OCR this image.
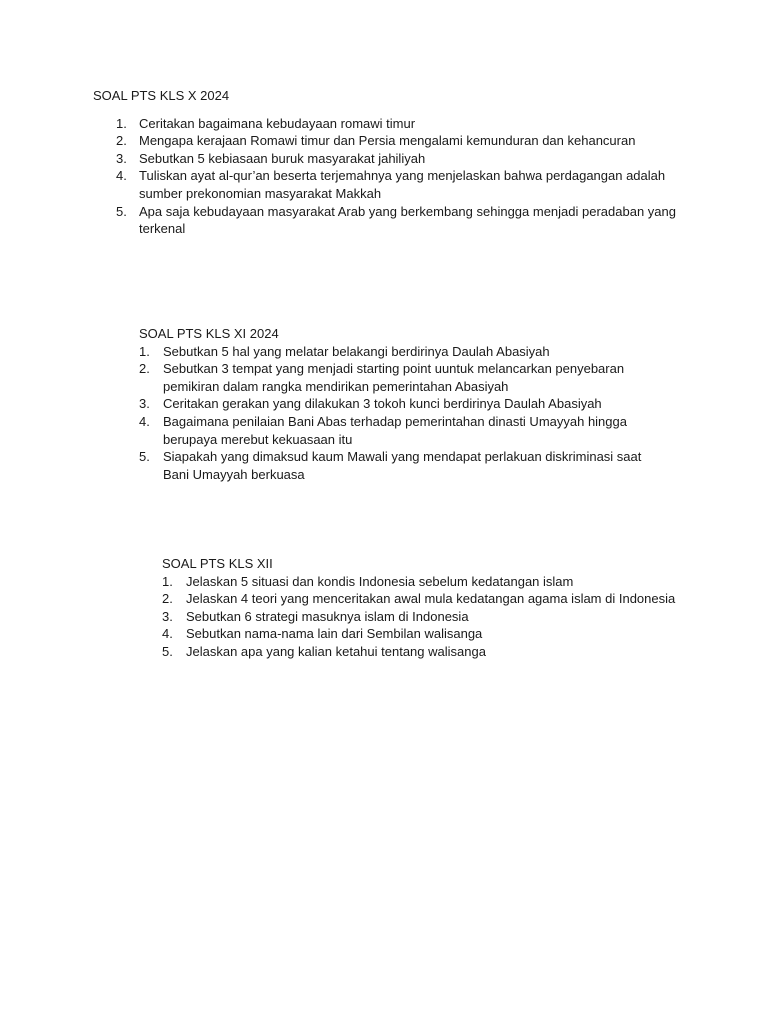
SOAL PTS KLS X 2024

1. Ceritakan bagaimana kebudayaan romawi timur
2. Mengapa kerajaan Romawi timur dan Persia mengalami kemunduran dan kehancuran
3. Sebutkan 5 kebiasaan buruk masyarakat jahiliyah
4. Tuliskan ayat al-qur’an beserta terjemahnya yang menjelaskan bahwa perdagangan adalah sumber prekonomian masyarakat Makkah
5. Apa saja kebudayaan masyarakat Arab yang berkembang sehingga menjadi peradaban yang terkenal

SOAL PTS KLS XI 2024

1. Sebutkan 5 hal yang melatar belakangi berdirinya Daulah Abasiyah
2. Sebutkan 3 tempat yang menjadi starting point uuntuk melancarkan penyebaran pemikiran dalam rangka mendirikan pemerintahan Abasiyah
3. Ceritakan gerakan yang dilakukan 3 tokoh kunci berdirinya Daulah Abasiyah
4. Bagaimana penilaian Bani Abas terhadap pemerintahan dinasti Umayyah hingga berupaya merebut kekuasaan itu
5. Siapakah yang dimaksud kaum Mawali yang mendapat perlakuan diskriminasi saat Bani Umayyah berkuasa

SOAL PTS KLS XII

1. Jelaskan 5 situasi dan kondis Indonesia sebelum kedatangan islam
2. Jelaskan 4 teori yang menceritakan awal mula kedatangan agama islam di Indonesia
3. Sebutkan 6 strategi masuknya islam di Indonesia
4. Sebutkan nama-nama lain dari Sembilan walisanga
5. Jelaskan apa yang kalian ketahui tentang walisanga
